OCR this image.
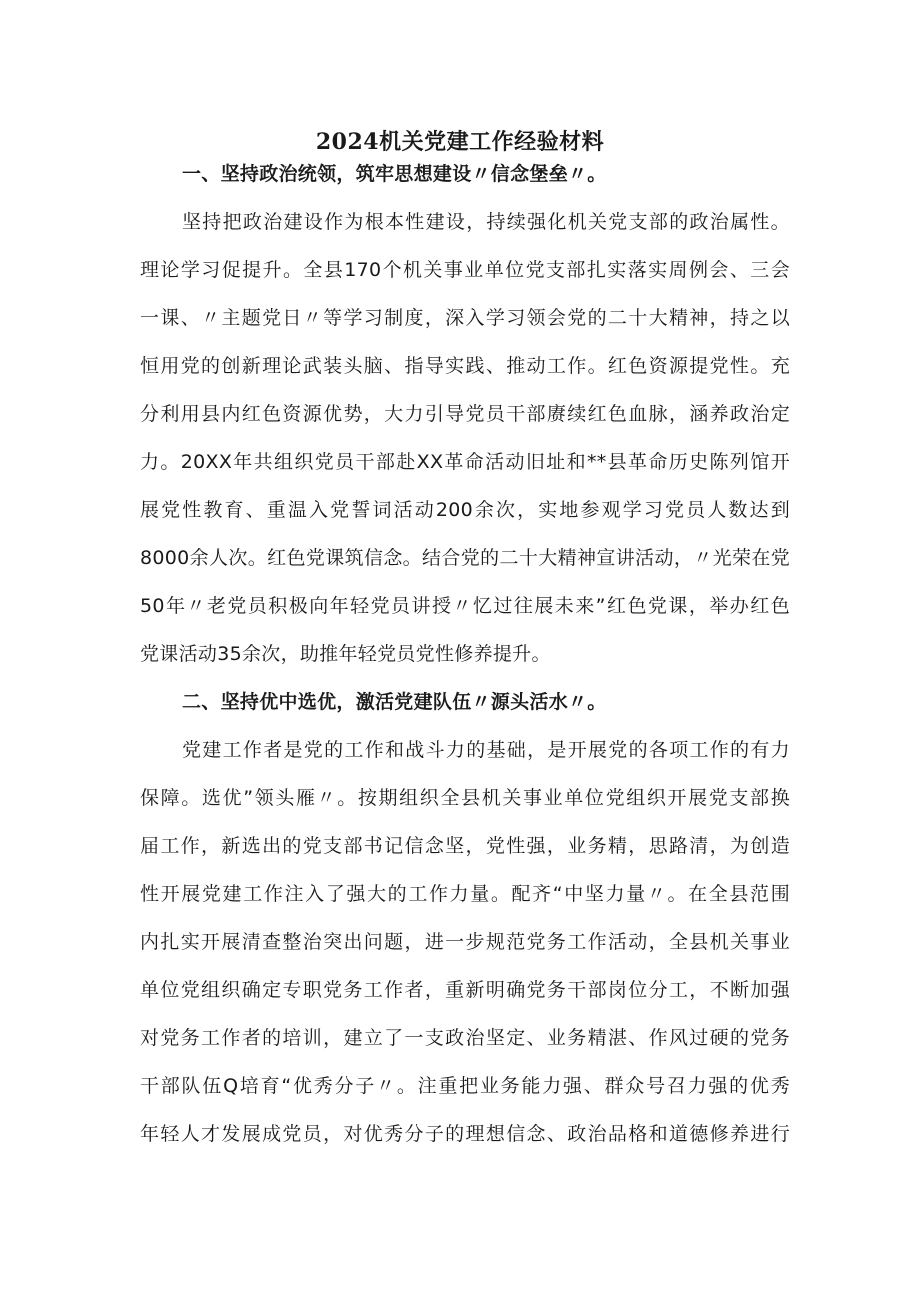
2024机关党建工作经验材料
一、坚持政治统领，筑牢思想建设〃信念堡垒〃。
坚持把政治建设作为根本性建设，持续强化机关党支部的政治属性。
理论学习促提升。全县170个机关事业单位党支部扎实落实周例会、三会
一课、〃主题党日〃等学习制度，深入学习领会党的二十大精神，持之以
恒用党的创新理论武装头脑、指导实践、推动工作。红色资源提党性。充
分利用县内红色资源优势，大力引导党员干部赓续红色血脉，涵养政治定
力。20XX年共组织党员干部赴XX革命活动旧址和**县革命历史陈列馆开
展党性教育、重温入党誓词活动200余次，实地参观学习党员人数达到
8000余人次。红色党课筑信念。结合党的二十大精神宣讲活动，〃光荣在党
50年〃老党员积极向年轻党员讲授〃忆过往展未来”红色党课，举办红色
党课活动35余次，助推年轻党员党性修养提升。
二、坚持优中选优，激活党建队伍〃源头活水〃。
党建工作者是党的工作和战斗力的基础，是开展党的各项工作的有力
保障。选优”领头雁〃。按期组织全县机关事业单位党组织开展党支部换
届工作，新选出的党支部书记信念坚，党性强，业务精，思路清，为创造
性开展党建工作注入了强大的工作力量。配齐“中坚力量〃。在全县范围
内扎实开展清查整治突出问题，进一步规范党务工作活动，全县机关事业
单位党组织确定专职党务工作者，重新明确党务干部岗位分工，不断加强
对党务工作者的培训，建立了一支政治坚定、业务精湛、作风过硬的党务
干部队伍Q培育“优秀分子〃。注重把业务能力强、群众号召力强的优秀
年轻人才发展成党员，对优秀分子的理想信念、政治品格和道德修养进行
